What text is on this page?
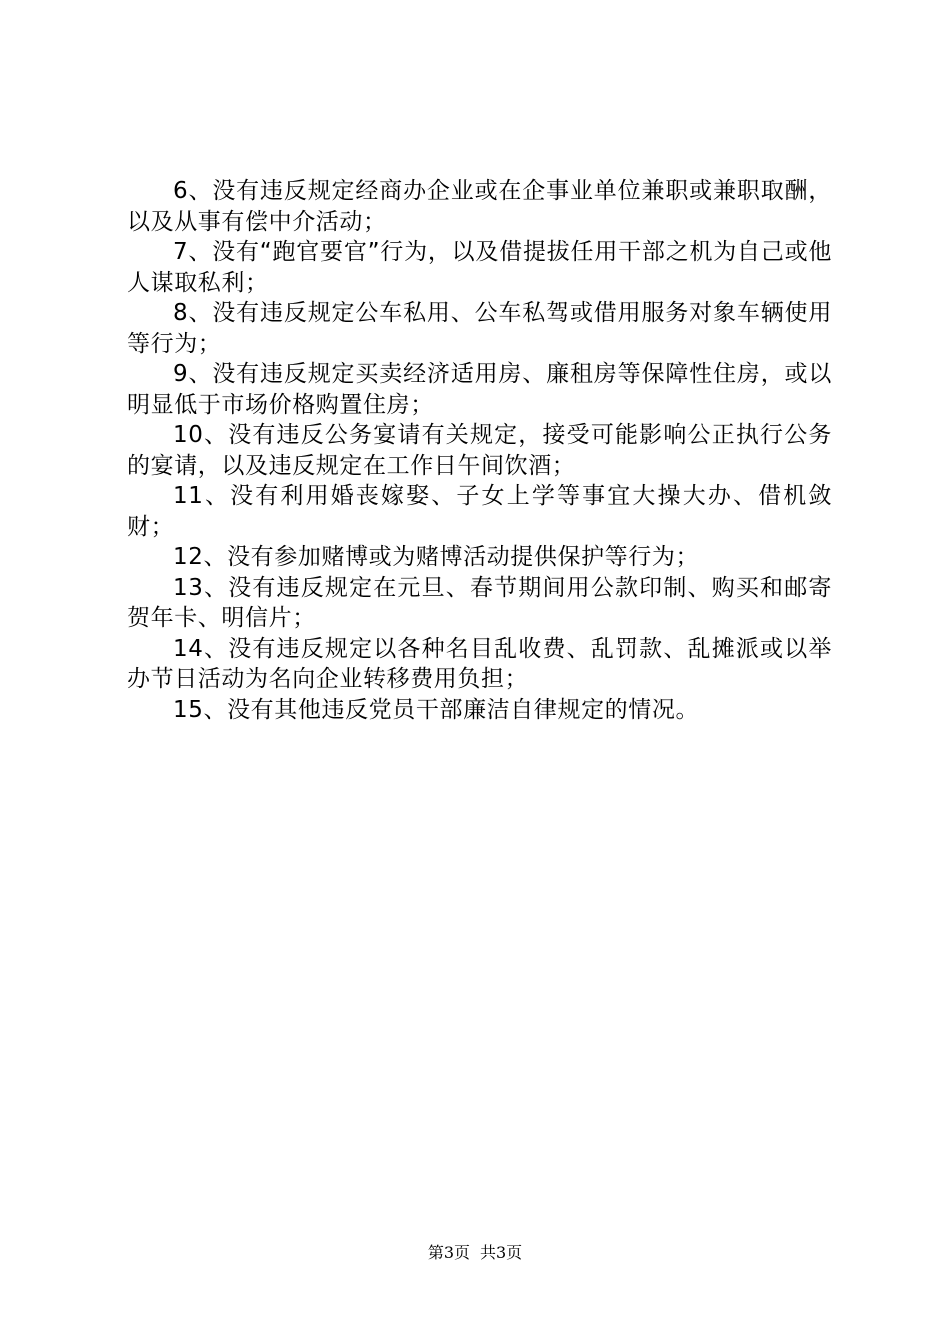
6、没有违反规定经商办企业或在企事业单位兼职或兼职取酬，以及从事有偿中介活动；

7、没有“跑官要官”行为，以及借提拔任用干部之机为自己或他人谋取私利；

8、没有违反规定公车私用、公车私驾或借用服务对象车辆使用等行为；

9、没有违反规定买卖经济适用房、廉租房等保障性住房，或以明显低于市场价格购置住房；

10、没有违反公务宴请有关规定，接受可能影响公正执行公务的宴请，以及违反规定在工作日午间饮酒；

11、没有利用婚丧嫁娶、子女上学等事宜大操大办、借机敛财；

12、没有参加赌博或为赌博活动提供保护等行为；

13、没有违反规定在元旦、春节期间用公款印制、购买和邮寄贺年卡、明信片；

14、没有违反规定以各种名目乱收费、乱罚款、乱摊派或以举办节日活动为名向企业转移费用负担；

15、没有其他违反党员干部廉洁自律规定的情况。

第3页 共3页
